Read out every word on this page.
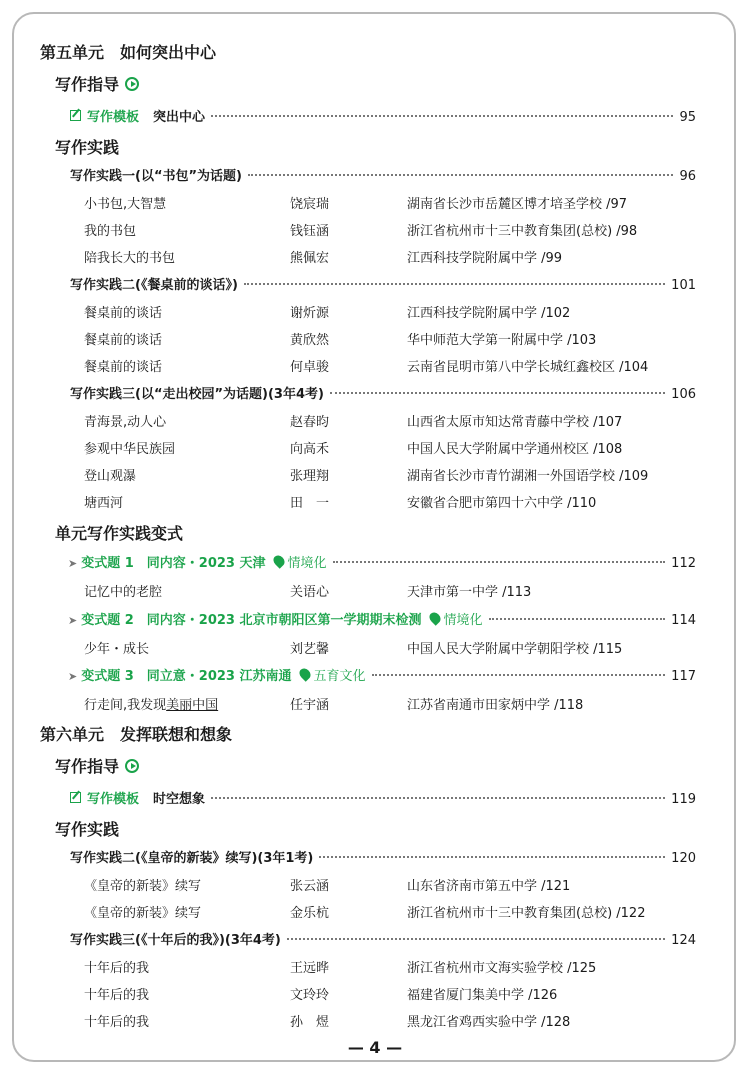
第五单元　如何突出中心
写作指导
写作模板 突出中心	95
写作实践
写作实践一(以“书包”为话题)	96
小书包,大智慧	饶宸瑞	湖南省长沙市岳麓区博才培圣学校 /97
我的书包	钱钰涵	浙江省杭州市十三中教育集团(总校) /98
陪我长大的书包	熊佩宏	江西科技学院附属中学 /99
写作实践二(《餐桌前的谈话》)	101
餐桌前的谈话	谢炘源	江西科技学院附属中学 /102
餐桌前的谈话	黄欣然	华中师范大学第一附属中学 /103
餐桌前的谈话	何卓骏	云南省昆明市第八中学长城红鑫校区 /104
写作实践三(以“走出校园”为话题)(3年4考)	106
青海景,动人心	赵春昀	山西省太原市知达常青藤中学校 /107
参观中华民族园	向高禾	中国人民大学附属中学通州校区 /108
登山观瀑	张理翔	湖南省长沙市青竹湖湘一外国语学校 /109
塘西河	田　一	安徽省合肥市第四十六中学 /110
单元写作实践变式
➤ 变式题 1　同内容・2023 天津 情境化	112
记忆中的老腔	关语心	天津市第一中学 /113
➤ 变式题 2　同内容・2023 北京市朝阳区第一学期期末检测 情境化	114
少年・成长	刘艺馨	中国人民大学附属中学朝阳学校 /115
➤ 变式题 3　同立意・2023 江苏南通 五育文化	117
行走间,我发现美丽中国	任宇涵	江苏省南通市田家炳中学 /118
第六单元　发挥联想和想象
写作指导
写作模板 时空想象	119
写作实践
写作实践二(《皇帝的新装》续写)(3年1考)	120
《皇帝的新装》续写	张云涵	山东省济南市第五中学 /121
《皇帝的新装》续写	金乐杭	浙江省杭州市十三中教育集团(总校) /122
写作实践三(《十年后的我》)(3年4考)	124
十年后的我	王远晔	浙江省杭州市文海实验学校 /125
十年后的我	文玲玲	福建省厦门集美中学 /126
十年后的我	孙　煜	黑龙江省鸡西实验中学 /128
— 4 —
